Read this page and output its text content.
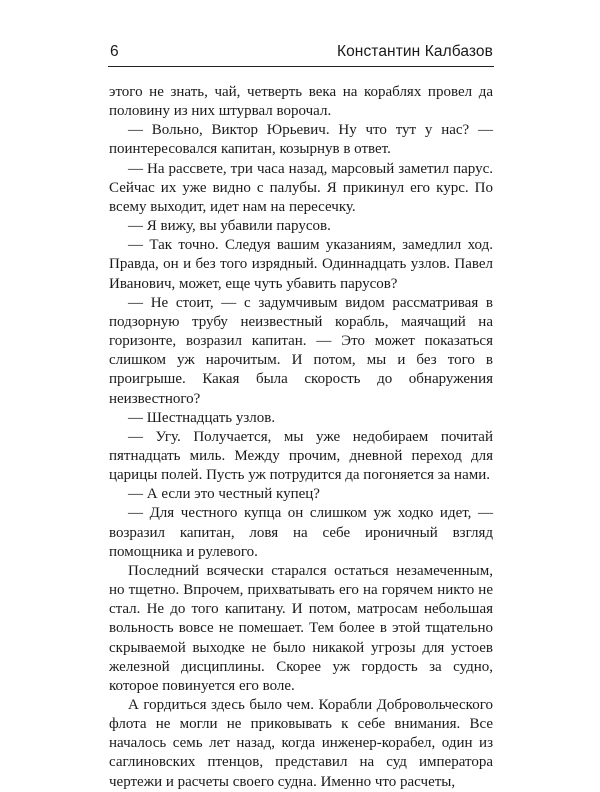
6	Константин Калбазов

этого не знать, чай, четверть века на кораблях провел да половину из них штурвал ворочал.

— Вольно, Виктор Юрьевич. Ну что тут у нас? — поинтересовался капитан, козырнув в ответ.

— На рассвете, три часа назад, марсовый заметил парус. Сейчас их уже видно с палубы. Я прикинул его курс. По всему выходит, идет нам на пересечку.

— Я вижу, вы убавили парусов.

— Так точно. Следуя вашим указаниям, замедлил ход. Правда, он и без того изрядный. Одиннадцать узлов. Павел Иванович, может, еще чуть убавить парусов?

— Не стоит, — с задумчивым видом рассматривая в подзорную трубу неизвестный корабль, маячащий на горизонте, возразил капитан. — Это может показаться слишком уж нарочитым. И потом, мы и без того в проигрыше. Какая была скорость до обнаружения неизвестного?

— Шестнадцать узлов.

— Угу. Получается, мы уже недобираем почитай пятнадцать миль. Между прочим, дневной переход для царицы полей. Пусть уж потрудится да погоняется за нами.

— А если это честный купец?

— Для честного купца он слишком уж ходко идет, — возразил капитан, ловя на себе ироничный взгляд помощника и рулевого.

Последний всячески старался остаться незамеченным, но тщетно. Впрочем, прихватывать его на горячем никто не стал. Не до того капитану. И потом, матросам небольшая вольность вовсе не помешает. Тем более в этой тщательно скрываемой выходке не было никакой угрозы для устоев железной дисциплины. Скорее уж гордость за судно, которое повинуется его воле.

А гордиться здесь было чем. Корабли Добровольческого флота не могли не приковывать к себе внимания. Все началось семь лет назад, когда инженер-корабел, один из саглиновских птенцов, представил на суд императора чертежи и расчеты своего судна. Именно что расчеты,
